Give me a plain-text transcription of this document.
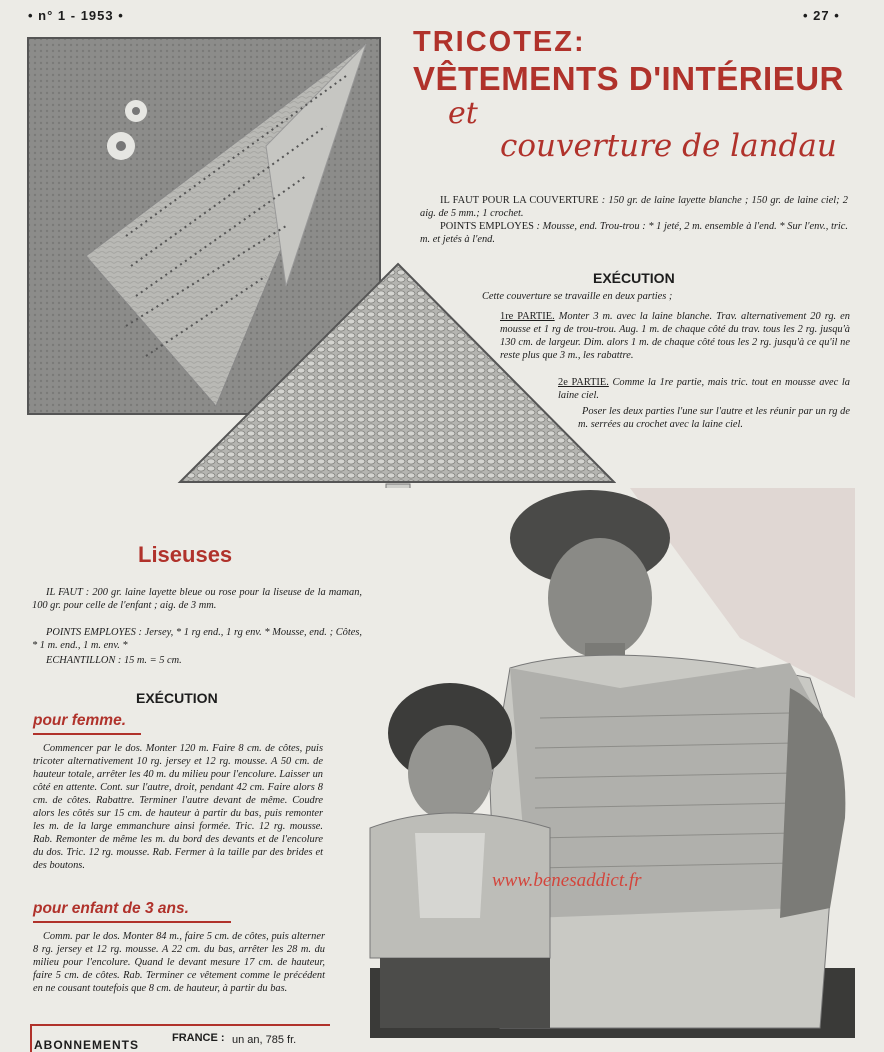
• n° 1 - 1953 •	• 27 •
TRICOTEZ:
VÊTEMENTS D'INTÉRIEUR
et
couverture de landau
IL FAUT POUR LA COUVERTURE : 150 gr. de laine layette blanche ; 150 gr. de laine ciel; 2 aig. de 5 mm.; 1 crochet.
POINTS EMPLOYES : Mousse, end. Trou-trou : * 1 jeté, 2 m. ensemble à l'end. * Sur l'env., tric. m. et jetés à l'end.
EXÉCUTION
Cette couverture se travaille en deux parties ;
1re PARTIE. Monter 3 m. avec la laine blanche. Trav. alternativement 20 rg. en mousse et 1 rg de trou-trou. Aug. 1 m. de chaque côté du trav. tous les 2 rg. jusqu'à 130 cm. de largeur. Dim. alors 1 m. de chaque côté tous les 2 rg. jusqu'à ce qu'il ne reste plus que 3 m., les rabattre.
2e PARTIE. Comme la 1re partie, mais tric. tout en mousse avec la laine ciel.
Poser les deux parties l'une sur l'autre et les réunir par un rg de m. serrées au crochet avec la laine ciel.
Liseuses
IL FAUT : 200 gr. laine layette bleue ou rose pour la liseuse de la maman, 100 gr. pour celle de l'enfant ; aig. de 3 mm.
POINTS EMPLOYES : Jersey, * 1 rg end., 1 rg env. * Mousse, end. ; Côtes, * 1 m. end., 1 m. env. *
ECHANTILLON : 15 m. = 5 cm.
EXÉCUTION
pour femme.
Commencer par le dos. Monter 120 m. Faire 8 cm. de côtes, puis tricoter alternativement 10 rg. jersey et 12 rg. mousse. A 50 cm. de hauteur totale, arrêter les 40 m. du milieu pour l'encolure. Laisser un côté en attente. Cont. sur l'autre, droit, pendant 42 cm. Faire alors 8 cm. de côtes. Rabattre. Terminer l'autre devant de même. Coudre alors les côtés sur 15 cm. de hauteur à partir du bas, puis remonter les m. de la large emmanchure ainsi formée. Tric. 12 rg. mousse. Rab. Remonter de même les m. du bord des devants et de l'encolure du dos. Tric. 12 rg. mousse. Rab. Fermer à la taille par des brides et des boutons.
pour enfant de 3 ans.
Comm. par le dos. Monter 84 m., faire 5 cm. de côtes, puis alterner 8 rg. jersey et 12 rg. mousse. A 22 cm. du bas, arrêter les 28 m. du milieu pour l'encolure. Quand le devant mesure 17 cm. de hauteur, faire 5 cm. de côtes. Rab. Terminer ce vêtement comme le précédent en ne cousant toutefois que 8 cm. de hauteur, à partir du bas.
www.benesaddict.fr
ABONNEMENTS	FRANCE : un an, 785 fr.
